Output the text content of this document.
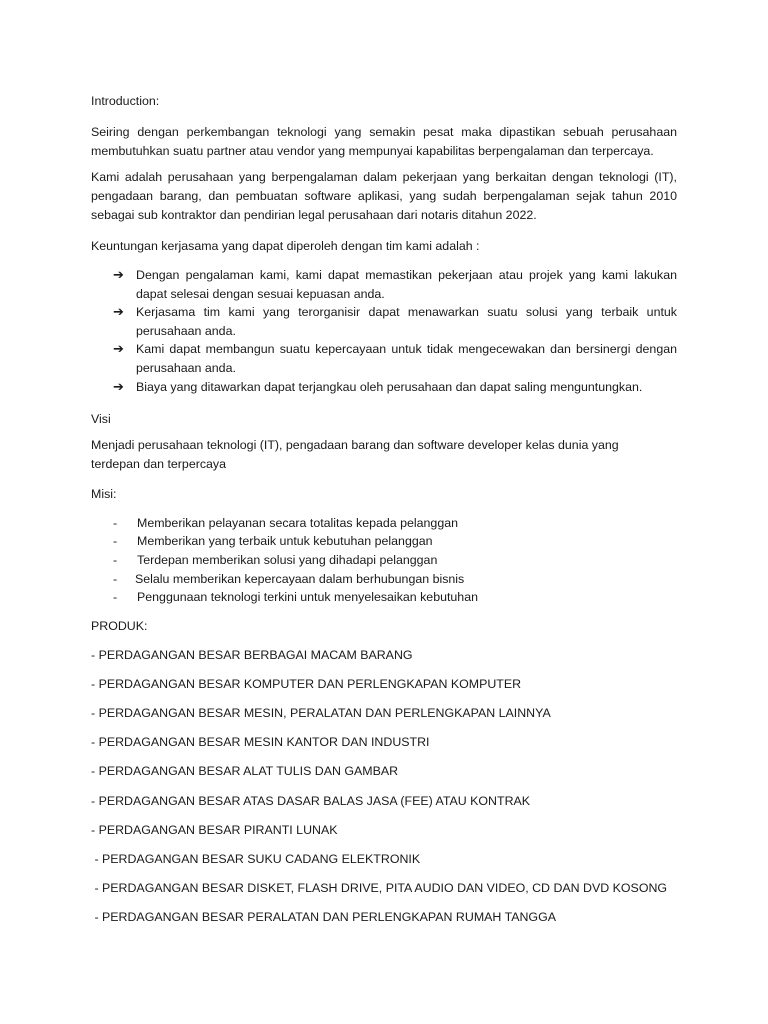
Introduction:

Seiring dengan perkembangan teknologi yang semakin pesat maka dipastikan sebuah perusahaan membutuhkan suatu partner atau vendor yang mempunyai kapabilitas berpengalaman dan terpercaya.

Kami adalah perusahaan yang berpengalaman dalam pekerjaan yang berkaitan dengan teknologi (IT), pengadaan barang, dan pembuatan software aplikasi, yang sudah berpengalaman sejak tahun 2010 sebagai sub kontraktor dan pendirian legal perusahaan dari notaris ditahun 2022.

Keuntungan kerjasama yang dapat diperoleh dengan tim kami adalah :

➔ Dengan pengalaman kami, kami dapat memastikan pekerjaan atau projek yang kami lakukan dapat selesai dengan sesuai kepuasan anda.
➔ Kerjasama tim kami yang terorganisir dapat menawarkan suatu solusi yang terbaik untuk perusahaan anda.
➔ Kami dapat membangun suatu kepercayaan untuk tidak mengecewakan dan bersinergi dengan perusahaan anda.
➔ Biaya yang ditawarkan dapat terjangkau oleh perusahaan dan dapat saling menguntungkan.

Visi

Menjadi perusahaan teknologi (IT), pengadaan barang dan software developer kelas dunia yang terdepan dan terpercaya

Misi:

- Memberikan pelayanan secara totalitas kepada pelanggan
- Memberikan yang terbaik untuk kebutuhan pelanggan
- Terdepan memberikan solusi yang dihadapi pelanggan
- Selalu memberikan kepercayaan dalam berhubungan bisnis
- Penggunaan teknologi terkini untuk menyelesaikan kebutuhan

PRODUK:

- PERDAGANGAN BESAR BERBAGAI MACAM BARANG

- PERDAGANGAN BESAR KOMPUTER DAN PERLENGKAPAN KOMPUTER

- PERDAGANGAN BESAR MESIN, PERALATAN DAN PERLENGKAPAN LAINNYA

- PERDAGANGAN BESAR MESIN KANTOR DAN INDUSTRI

- PERDAGANGAN BESAR ALAT TULIS DAN GAMBAR

- PERDAGANGAN BESAR ATAS DASAR BALAS JASA (FEE) ATAU KONTRAK

- PERDAGANGAN BESAR PIRANTI LUNAK

- PERDAGANGAN BESAR SUKU CADANG ELEKTRONIK

- PERDAGANGAN BESAR DISKET, FLASH DRIVE, PITA AUDIO DAN VIDEO, CD DAN DVD KOSONG

- PERDAGANGAN BESAR PERALATAN DAN PERLENGKAPAN RUMAH TANGGA
